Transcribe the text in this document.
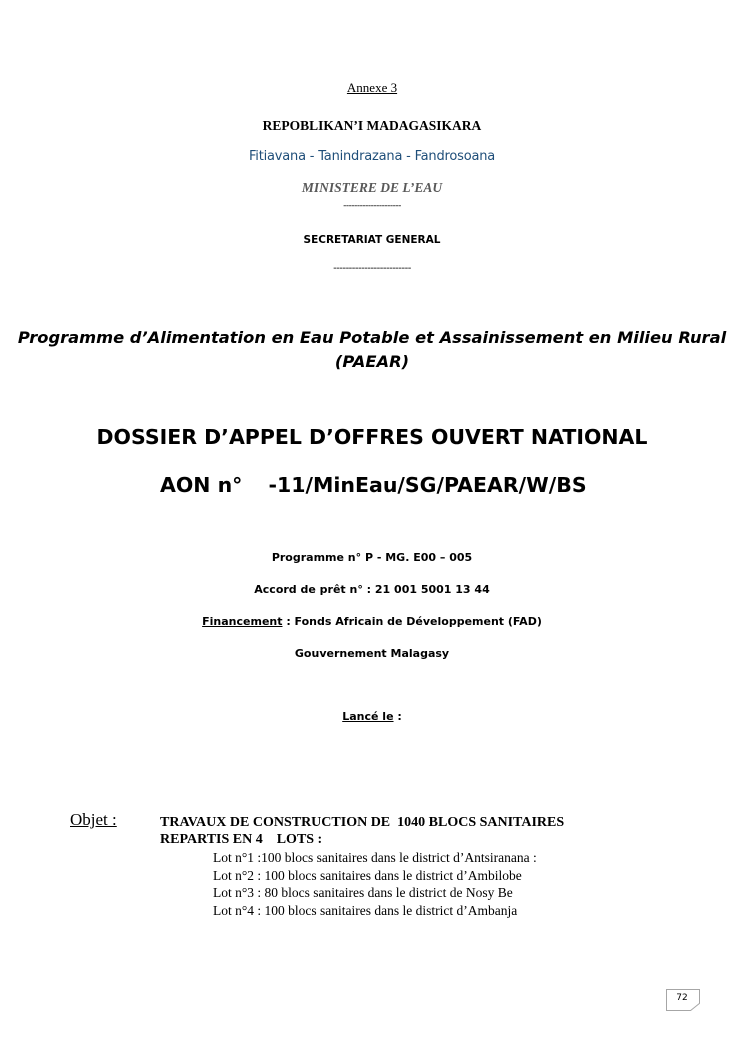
Annexe 3
REPOBLIKAN’I MADAGASIKARA
Fitiavana - Tanindrazana - Fandrosoana
MINISTERE DE L’EAU
---------------------
SECRETARIAT GENERAL
-------------------------
Programme d’Alimentation en Eau Potable et Assainissement en Milieu Rural (PAEAR)
DOSSIER D’APPEL D’OFFRES OUVERT NATIONAL
AON n° -11/MinEau/SG/PAEAR/W/BS
Programme n° P - MG. E00 – 005
Accord de prêt n° : 21 001 5001 13 44
Financement : Fonds Africain de Développement (FAD)
Gouvernement Malagasy
Lancé le :
Objet :	TRAVAUX DE CONSTRUCTION DE  1040 BLOCS SANITAIRES
REPARTIS EN 4    LOTS :
Lot n°1 :100 blocs sanitaires dans le district d’Antsiranana :
Lot n°2 : 100 blocs sanitaires dans le district d’Ambilobe
Lot n°3 : 80 blocs sanitaires dans le district de Nosy Be
Lot n°4 : 100 blocs sanitaires dans le district d’Ambanja
72
